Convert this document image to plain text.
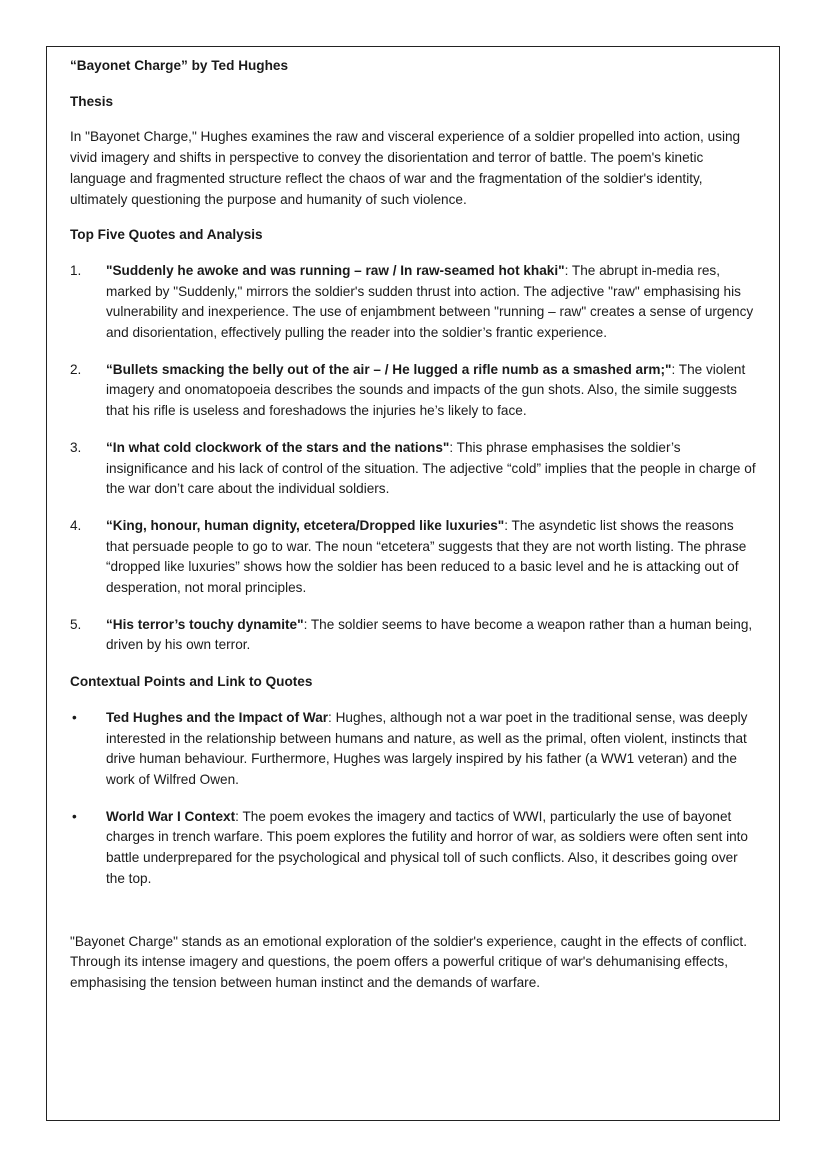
“Bayonet Charge” by Ted Hughes

Thesis

In "Bayonet Charge," Hughes examines the raw and visceral experience of a soldier propelled into action, using vivid imagery and shifts in perspective to convey the disorientation and terror of battle. The poem's kinetic language and fragmented structure reflect the chaos of war and the fragmentation of the soldier's identity, ultimately questioning the purpose and humanity of such violence.

Top Five Quotes and Analysis

1. "Suddenly he awoke and was running – raw / In raw-seamed hot khaki": The abrupt in-media res, marked by "Suddenly," mirrors the soldier's sudden thrust into action. The adjective "raw" emphasising his vulnerability and inexperience. The use of enjambment between "running – raw" creates a sense of urgency and disorientation, effectively pulling the reader into the soldier’s frantic experience.
2. “Bullets smacking the belly out of the air – / He lugged a rifle numb as a smashed arm;": The violent imagery and onomatopoeia describes the sounds and impacts of the gun shots. Also, the simile suggests that his rifle is useless and foreshadows the injuries he’s likely to face.
3. “In what cold clockwork of the stars and the nations": This phrase emphasises the soldier’s insignificance and his lack of control of the situation. The adjective “cold” implies that the people in charge of the war don’t care about the individual soldiers.
4. “King, honour, human dignity, etcetera/Dropped like luxuries": The asyndetic list shows the reasons that persuade people to go to war. The noun “etcetera” suggests that they are not worth listing. The phrase “dropped like luxuries” shows how the soldier has been reduced to a basic level and he is attacking out of desperation, not moral principles.
5. “His terror’s touchy dynamite": The soldier seems to have become a weapon rather than a human being, driven by his own terror.

Contextual Points and Link to Quotes

• Ted Hughes and the Impact of War: Hughes, although not a war poet in the traditional sense, was deeply interested in the relationship between humans and nature, as well as the primal, often violent, instincts that drive human behaviour. Furthermore, Hughes was largely inspired by his father (a WW1 veteran) and the work of Wilfred Owen.
• World War I Context: The poem evokes the imagery and tactics of WWI, particularly the use of bayonet charges in trench warfare. This poem explores the futility and horror of war, as soldiers were often sent into battle underprepared for the psychological and physical toll of such conflicts. Also, it describes going over the top.

"Bayonet Charge" stands as an emotional exploration of the soldier's experience, caught in the effects of conflict. Through its intense imagery and questions, the poem offers a powerful critique of war's dehumanising effects, emphasising the tension between human instinct and the demands of warfare.
